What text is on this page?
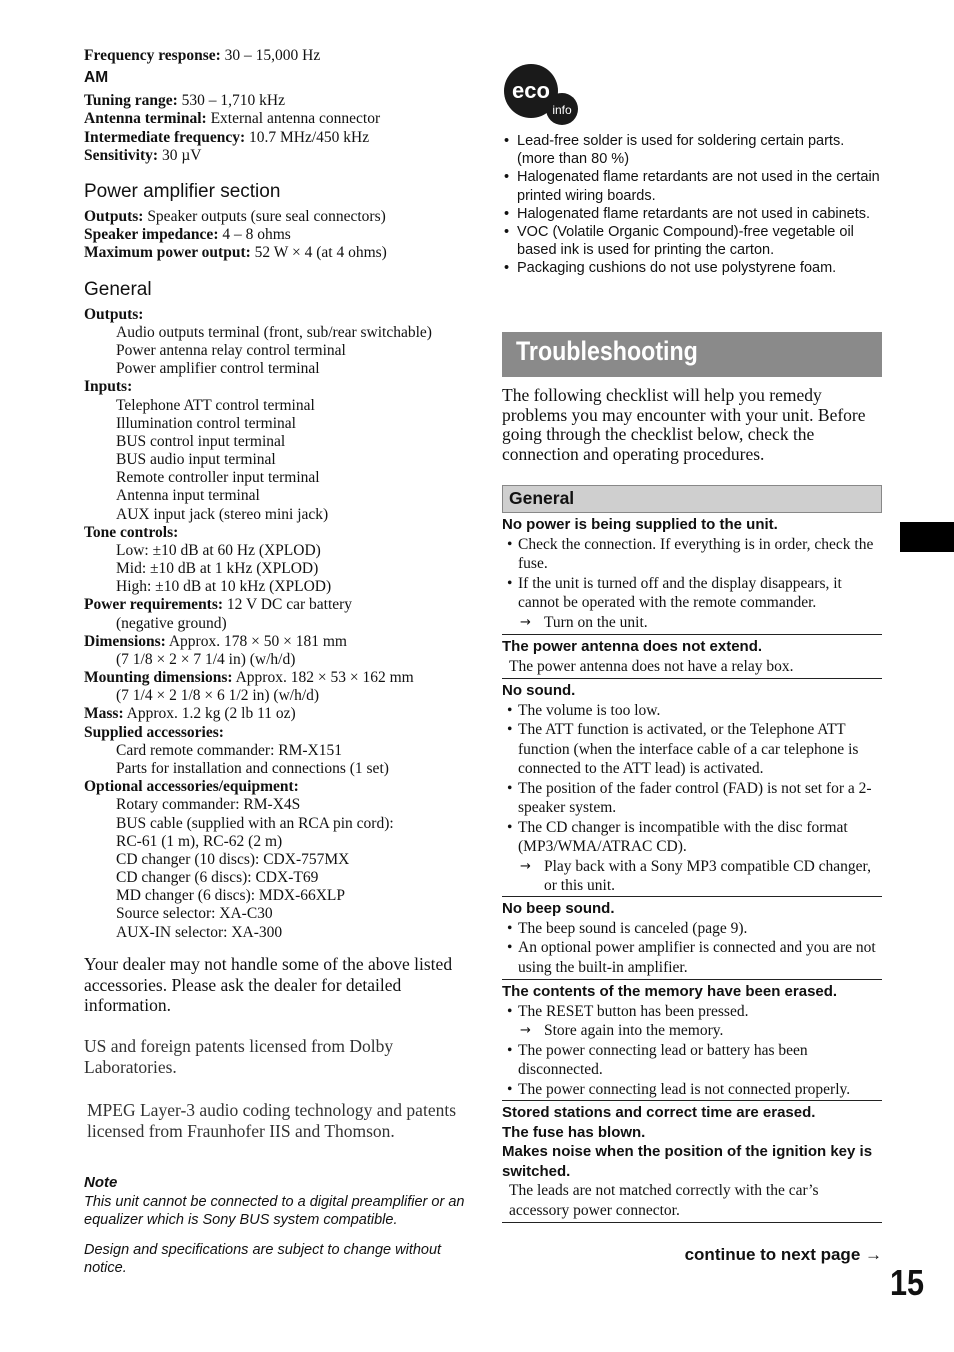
Frequency response: 30 – 15,000 Hz
AM
Tuning range: 530 – 1,710 kHz
Antenna terminal: External antenna connector
Intermediate frequency: 10.7 MHz/450 kHz
Sensitivity: 30 µV
Power amplifier section
Outputs: Speaker outputs (sure seal connectors)
Speaker impedance: 4 – 8 ohms
Maximum power output: 52 W × 4 (at 4 ohms)
General
Outputs:
Audio outputs terminal (front, sub/rear switchable)
Power antenna relay control terminal
Power amplifier control terminal
Inputs:
Telephone ATT control terminal
Illumination control terminal
BUS control input terminal
BUS audio input terminal
Remote controller input terminal
Antenna input terminal
AUX input jack (stereo mini jack)
Tone controls:
Low: ±10 dB at 60 Hz (XPLOD)
Mid: ±10 dB at 1 kHz (XPLOD)
High: ±10 dB at 10 kHz (XPLOD)
Power requirements: 12 V DC car battery
(negative ground)
Dimensions: Approx. 178 × 50 × 181 mm
(7 1/8 × 2 × 7 1/4 in) (w/h/d)
Mounting dimensions: Approx. 182 × 53 × 162 mm
(7 1/4 × 2 1/8 × 6 1/2 in) (w/h/d)
Mass: Approx. 1.2 kg (2 lb 11 oz)
Supplied accessories:
Card remote commander: RM-X151
Parts for installation and connections (1 set)
Optional accessories/equipment:
Rotary commander: RM-X4S
BUS cable (supplied with an RCA pin cord):
RC-61 (1 m), RC-62 (2 m)
CD changer (10 discs): CDX-757MX
CD changer (6 discs): CDX-T69
MD changer (6 discs): MDX-66XLP
Source selector: XA-C30
AUX-IN selector: XA-300
Your dealer may not handle some of the above listed accessories. Please ask the dealer for detailed information.
US and foreign patents licensed from Dolby Laboratories.
MPEG Layer-3 audio coding technology and patents licensed from Fraunhofer IIS and Thomson.
Note
This unit cannot be connected to a digital preamplifier or an equalizer which is Sony BUS system compatible.
Design and specifications are subject to change without notice.
eco
info
• Lead-free solder is used for soldering certain parts. (more than 80 %)
• Halogenated flame retardants are not used in the certain printed wiring boards.
• Halogenated flame retardants are not used in cabinets.
• VOC (Volatile Organic Compound)-free vegetable oil based ink is used for printing the carton.
• Packaging cushions do not use polystyrene foam.
Troubleshooting
The following checklist will help you remedy problems you may encounter with your unit. Before going through the checklist below, check the connection and operating procedures.
General
No power is being supplied to the unit.
• Check the connection. If everything is in order, check the fuse.
• If the unit is turned off and the display disappears, it cannot be operated with the remote commander.
→ Turn on the unit.
The power antenna does not extend.
The power antenna does not have a relay box.
No sound.
• The volume is too low.
• The ATT function is activated, or the Telephone ATT function (when the interface cable of a car telephone is connected to the ATT lead) is activated.
• The position of the fader control (FAD) is not set for a 2-speaker system.
• The CD changer is incompatible with the disc format (MP3/WMA/ATRAC CD).
→ Play back with a Sony MP3 compatible CD changer, or this unit.
No beep sound.
• The beep sound is canceled (page 9).
• An optional power amplifier is connected and you are not using the built-in amplifier.
The contents of the memory have been erased.
• The RESET button has been pressed.
→ Store again into the memory.
• The power connecting lead or battery has been disconnected.
• The power connecting lead is not connected properly.
Stored stations and correct time are erased.
The fuse has blown.
Makes noise when the position of the ignition key is switched.
The leads are not matched correctly with the car’s accessory power connector.
continue to next page →
15
